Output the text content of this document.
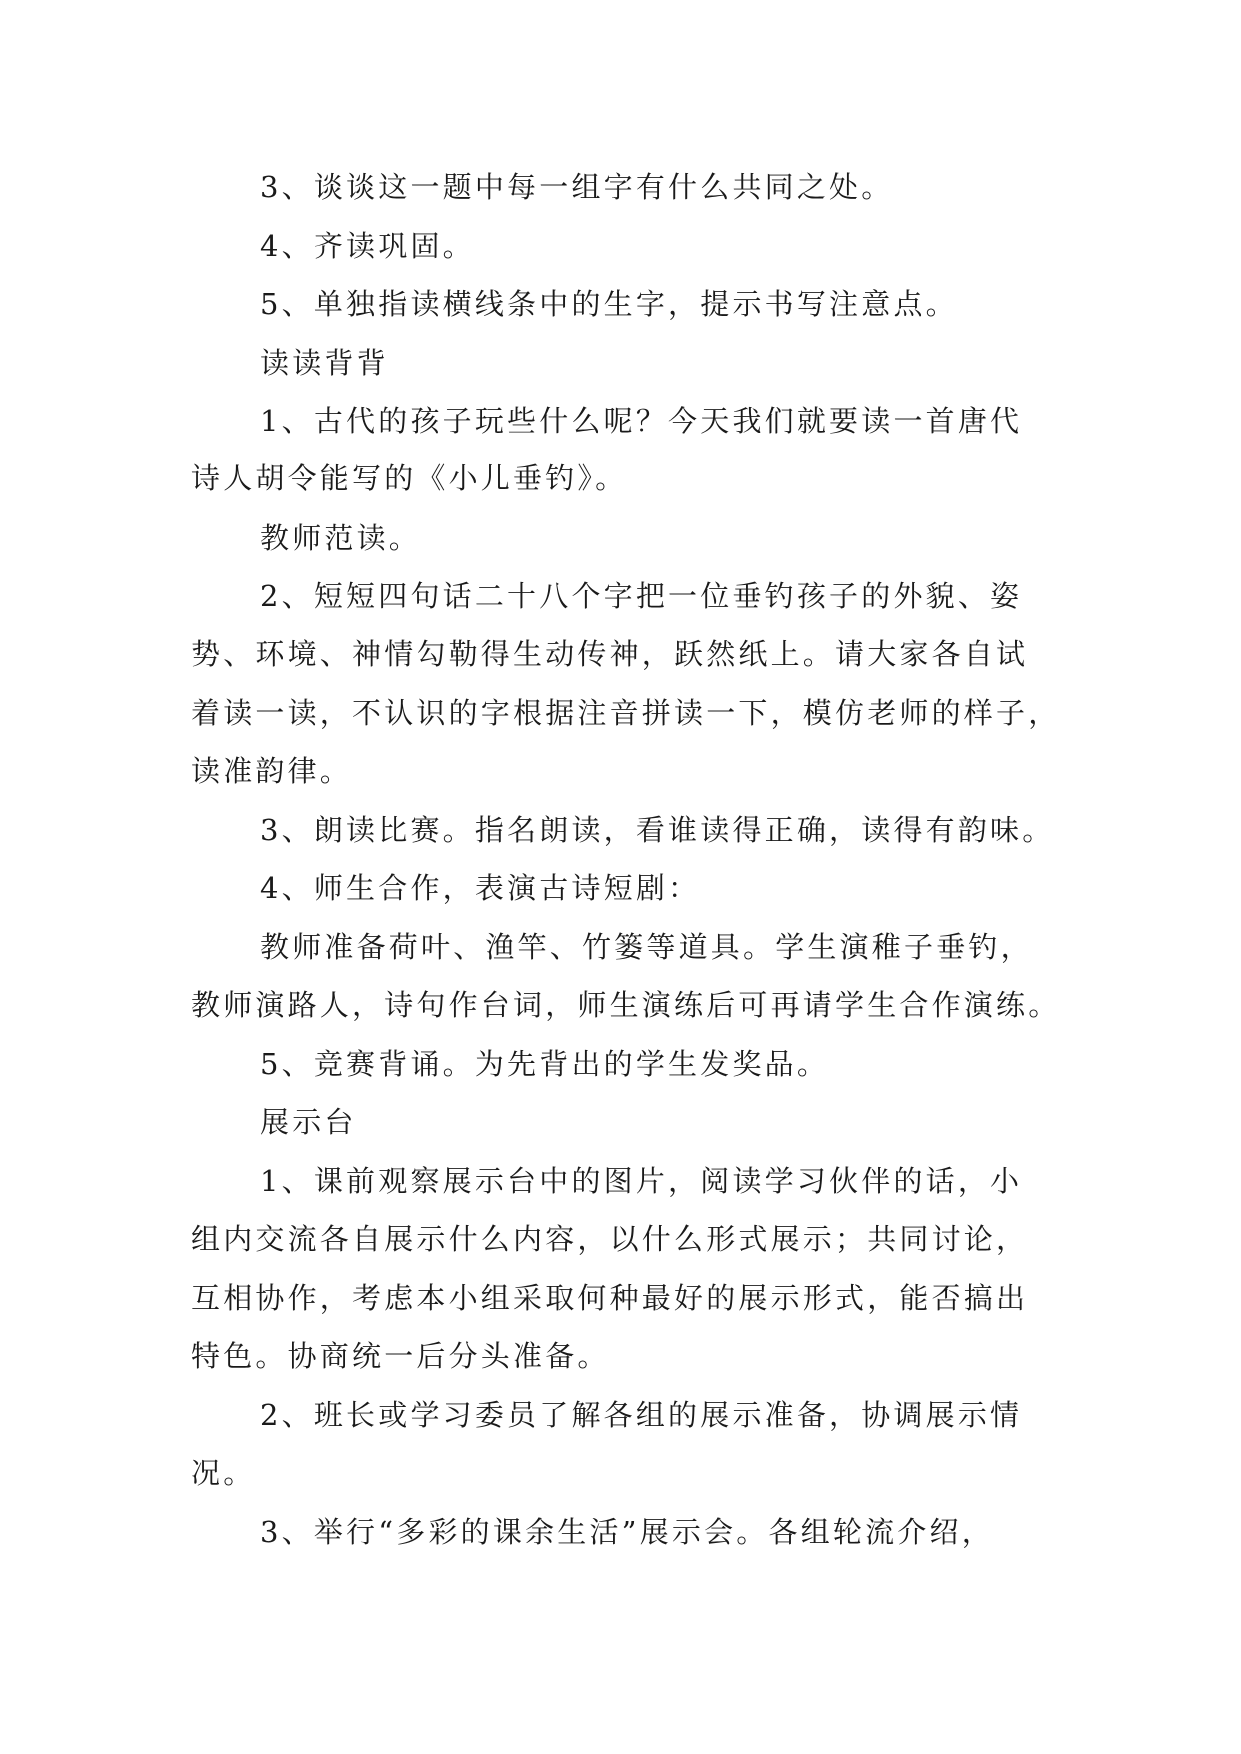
3、谈谈这一题中每一组字有什么共同之处。
4、齐读巩固。
5、单独指读横线条中的生字，提示书写注意点。
读读背背
1、古代的孩子玩些什么呢？今天我们就要读一首唐代
诗人胡令能写的《小儿垂钓》。
教师范读。
2、短短四句话二十八个字把一位垂钓孩子的外貌、姿
势、环境、神情勾勒得生动传神，跃然纸上。请大家各自试
着读一读，不认识的字根据注音拼读一下，模仿老师的样子，
读准韵律。
3、朗读比赛。指名朗读，看谁读得正确，读得有韵味。
4、师生合作，表演古诗短剧：
教师准备荷叶、渔竿、竹篓等道具。学生演稚子垂钓，
教师演路人，诗句作台词，师生演练后可再请学生合作演练。
5、竞赛背诵。为先背出的学生发奖品。
展示台
1、课前观察展示台中的图片，阅读学习伙伴的话，小
组内交流各自展示什么内容，以什么形式展示；共同讨论，
互相协作，考虑本小组采取何种最好的展示形式，能否搞出
特色。协商统一后分头准备。
2、班长或学习委员了解各组的展示准备，协调展示情
况。
3、举行“多彩的课余生活”展示会。各组轮流介绍，
